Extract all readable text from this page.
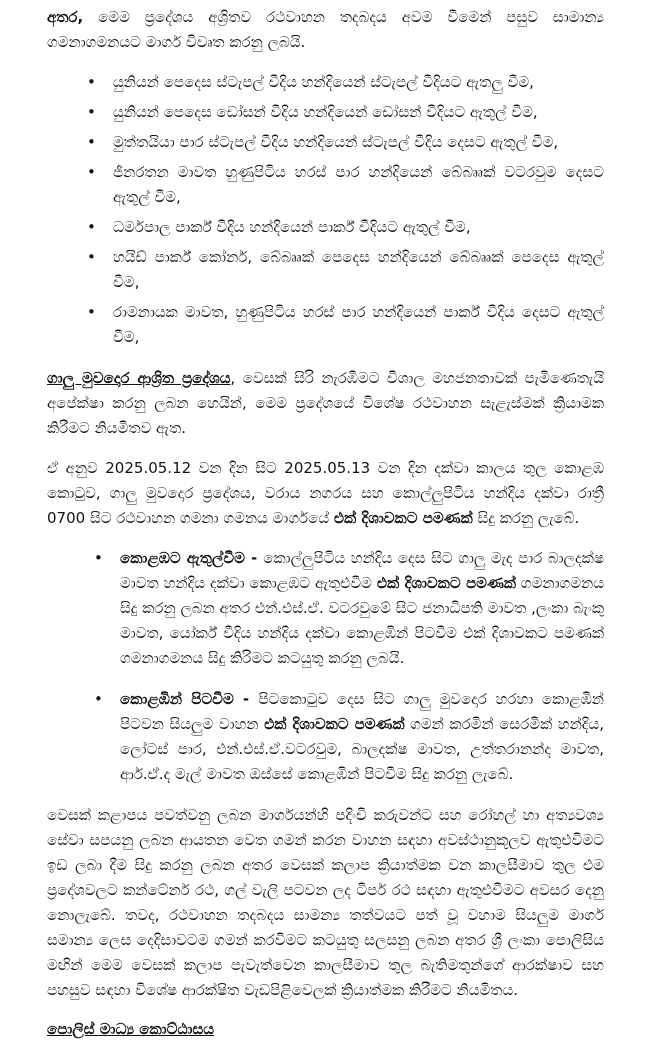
අතර, මෙම ප්‍රදේශය අශ්‍රිතව රථවාහන තදබදය අවම වීමෙන් පසුව සාමාන්‍ය ගමනාගමනයට මාර්ග විවෘත කරනු ලබයි.

•	යුනියන් පෙදෙස ස්ටැපල් වීදිය හන්දියෙන් ස්ටැපල් වීදියට ඇතලු වීම,
•	යුනියන් පෙදෙස ඩෝසන් වීදිය හන්දියෙන් ඩෝසන් වීදියට ඇතුල් වීම,
•	මුත්තයියා පාර ස්ටැපල් වීදිය හන්දියෙන් ස්ටැපල් වීදිය දෙසට ඇතුල් වීම,
•	ජීනරතන මාවත හුණුපිටිය හරස් පාර හන්දියෙන් බේබෲක් වටරවුම දෙසට ඇතුල් වීම,
•	ධර්මපාල පාර්ක් වීදිය හන්දියෙන් පාර්ක් වීදියට ඇතුල් වීම,
•	හයිඩ් පාර්ක් කෝනර්, බේබෲක් පෙදෙස හන්දියෙන් බේබෲක් පෙදෙස ඇතුල් වීම,
•	රාමනායක මාවත, හුණුපිටිය හරස් පාර හන්දියෙන් පාර්ක් වීදිය දෙසට ඇතුල් වීම,

ගාලු මුවදොර ආශ්‍රිත ප්‍රදේශය, වෙසක් සිරි නැරඹීමට විශාල මහජනතාවක් පැමිණෙතැයි අපේක්ෂා කරනු ලබන හෙයින්, මෙම ප්‍රදේශයේ විශේෂ රථවාහන සැළැස්මක් ක්‍රියාමක කිරීමට නියමිතව ඇත.

ඒ අනුව 2025.05.12 වන දින සිට 2025.05.13 වන දින දක්වා කාලය තුල කොළඹ කොටුව, ගාලු මුවදොර ප්‍රදේශය, වරාය නගරය සහ කොල්ලුපිටිය හන්දිය දක්වා රාත්‍රී 0700 සිට රථවාහන ගමනා ගමනය මාර්ගයේ එක් දිශාවකට පමණක් සිදු කරනු ලැබේ.

•	කොළඹට ඇතුල්වීම - කොල්ලුපිටිය හන්දිය දෙස සිට ගාලු මැද පාර බාලදක්ෂ මාවත හන්දිය දක්වා කොළඹට ඇතුළුවීම එක් දිශාවකට පමණක් ගමනාගමනය සිදු කරනු ලබන අතර එන්.එස්.ඒ. වටරවුමේ සිට ජනාධිපති මාවත ,ලංකා බැංකු මාවත, යෝර්ක් වීදිය හන්දිය දක්වා කොළඹින් පිටවීම එක් දිශාවකට පමණක් ගමනාගමනය සිදු කිරිමට කටයුතු කරනු ලබයි.
•	කොළඹින් පිටවීම - පිටකොටුව දෙස සිට ගාලු මුවදොර හරහා කොළඹින් පිටවන සියලුම වාහන එක් දිශාවකට පමණක් ගමන් කරමින් සෙරමික් හන්දිය, ලෝටස් පාර, එන්.එස්.ඒ.වටරවුම, බාලදක්ෂ මාවත, උත්තරානන්ද මාවත, ආර්.ඒ.ද මැල් මාවත ඔස්සේ කොළඹින් පිටවීම සිදු කරනු ලැබේ.

වෙසක් කළාපය පවත්වනු ලබන මාර්ගයන්හි පදිංචි කරුවන්ට සහ රෝහල් හා අත්‍යවශ්‍ය සේවා සපයනු ලබන ආයතන වෙත ගමන් කරන වාහන සඳහා අවස්ථානුකූලව ඇතුළුවීමට ඉඩ ලබා දීම සිදු කරනු ලබන අතර වෙසක් කලාප ක්‍රියාත්මක වන කාලසීමාව තුල එම ප්‍රදේශවලට කන්ටේනර් රථ, ගල් වැලි පටවන ලද ටිපර් රථ සඳහා ඇතුළුවීමට අවසර දෙනු නොලැබේ. තවද, රථවාහන තදබදය සාමන්‍ය තත්වයට පත් වූ වහාම සියලුම මාර්ග සමාන්‍ය ලෙස දෙදිසාවටම ගමන් කරවීමට කටයුතු සලසනු ලබන අතර ශ්‍රී ලංකා පොලිසිය මඟින් මෙම වෙසක් කලාප පැවැත්වෙන කාලසීමාව තුල බැතිමතුන්ගේ ආරක්ෂාව සහ පහසුව සඳහා විශේෂ ආරක්ෂිත වැඩපිළිවෙලක් ක්‍රියාත්මක කිරීමට නියමිතය.

පොලිස් මාධ්‍ය කොට්ඨාසය
